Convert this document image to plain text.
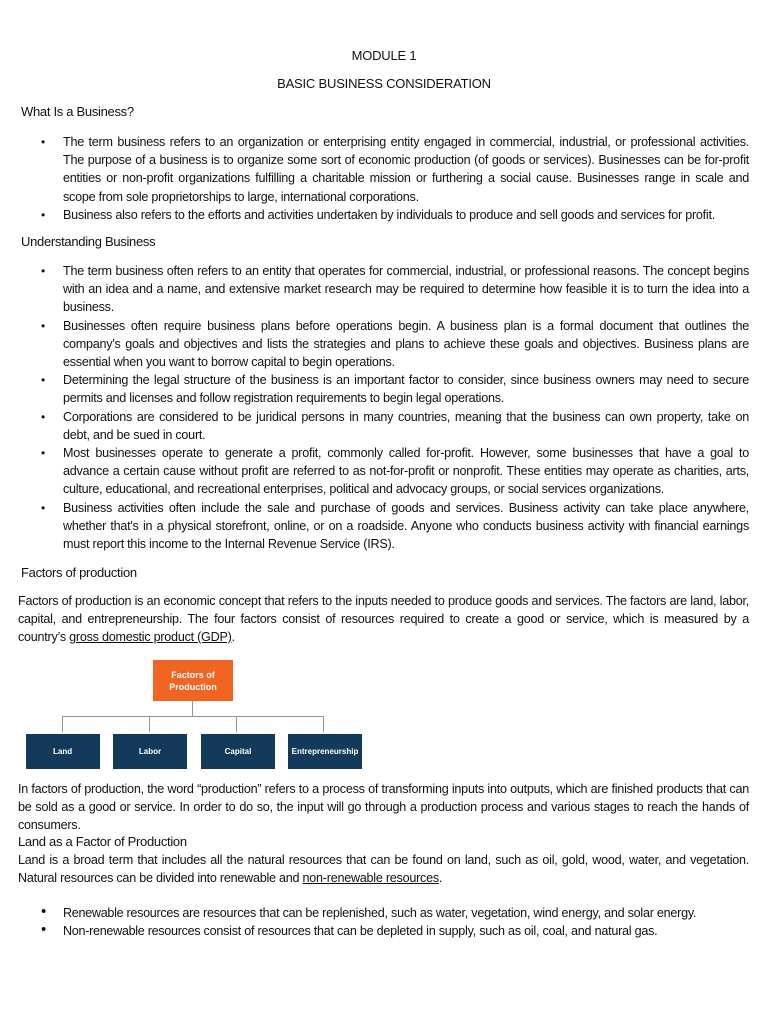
MODULE 1
BASIC BUSINESS CONSIDERATION
What Is a Business?
• The term business refers to an organization or enterprising entity engaged in commercial, industrial, or professional activities. The purpose of a business is to organize some sort of economic production (of goods or services). Businesses can be for-profit entities or non-profit organizations fulfilling a charitable mission or furthering a social cause. Businesses range in scale and scope from sole proprietorships to large, international corporations.
• Business also refers to the efforts and activities undertaken by individuals to produce and sell goods and services for profit.
Understanding Business
• The term business often refers to an entity that operates for commercial, industrial, or professional reasons. The concept begins with an idea and a name, and extensive market research may be required to determine how feasible it is to turn the idea into a business.
• Businesses often require business plans before operations begin. A business plan is a formal document that outlines the company's goals and objectives and lists the strategies and plans to achieve these goals and objectives. Business plans are essential when you want to borrow capital to begin operations.
• Determining the legal structure of the business is an important factor to consider, since business owners may need to secure permits and licenses and follow registration requirements to begin legal operations.
• Corporations are considered to be juridical persons in many countries, meaning that the business can own property, take on debt, and be sued in court.
• Most businesses operate to generate a profit, commonly called for-profit. However, some businesses that have a goal to advance a certain cause without profit are referred to as not-for-profit or nonprofit. These entities may operate as charities, arts, culture, educational, and recreational enterprises, political and advocacy groups, or social services organizations.
• Business activities often include the sale and purchase of goods and services. Business activity can take place anywhere, whether that's in a physical storefront, online, or on a roadside. Anyone who conducts business activity with financial earnings must report this income to the Internal Revenue Service (IRS).
Factors of production
Factors of production is an economic concept that refers to the inputs needed to produce goods and services. The factors are land, labor, capital, and entrepreneurship. The four factors consist of resources required to create a good or service, which is measured by a country’s gross domestic product (GDP).
Factors of Production
Land	Labor	Capital	Entrepreneurship
In factors of production, the word “production” refers to a process of transforming inputs into outputs, which are finished products that can be sold as a good or service. In order to do so, the input will go through a production process and various stages to reach the hands of consumers.
Land as a Factor of Production
Land is a broad term that includes all the natural resources that can be found on land, such as oil, gold, wood, water, and vegetation. Natural resources can be divided into renewable and non-renewable resources.
• Renewable resources are resources that can be replenished, such as water, vegetation, wind energy, and solar energy.
• Non-renewable resources consist of resources that can be depleted in supply, such as oil, coal, and natural gas.
